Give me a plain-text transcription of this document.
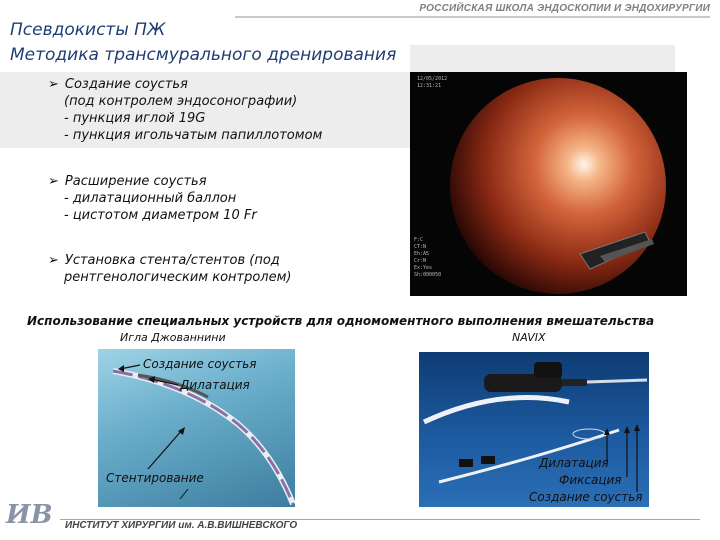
РОССИЙСКАЯ ШКОЛА ЭНДОСКОПИИ И ЭНДОХИРУРГИИ
Псевдокисты ПЖ
Методика трансмурального дренирования
➢ Создание соустья
(под контролем эндосонографии)
- пункция иглой 19G
- пункция игольчатым папиллотомом
➢ Расширение соустья
- дилатационный баллон
- цистотом диаметром 10 Fr
➢ Установка стента/стентов (под
рентгенологическим контролем)
12/05/2012
12:31:21
F:C
CT:N
Eh:A5
Cr:N
Ex:Yes
Sh:000050
Использование специальных устройств для одномоментного выполнения вмешательства
Игла Джованнини	NAVIX
Создание соустья
Дилатация
Стентирование
Дилатация
Фиксация
Создание соустья
ИВ ИНСТИТУТ ХИРУРГИИ им. А.В.ВИШНЕВСКОГО
